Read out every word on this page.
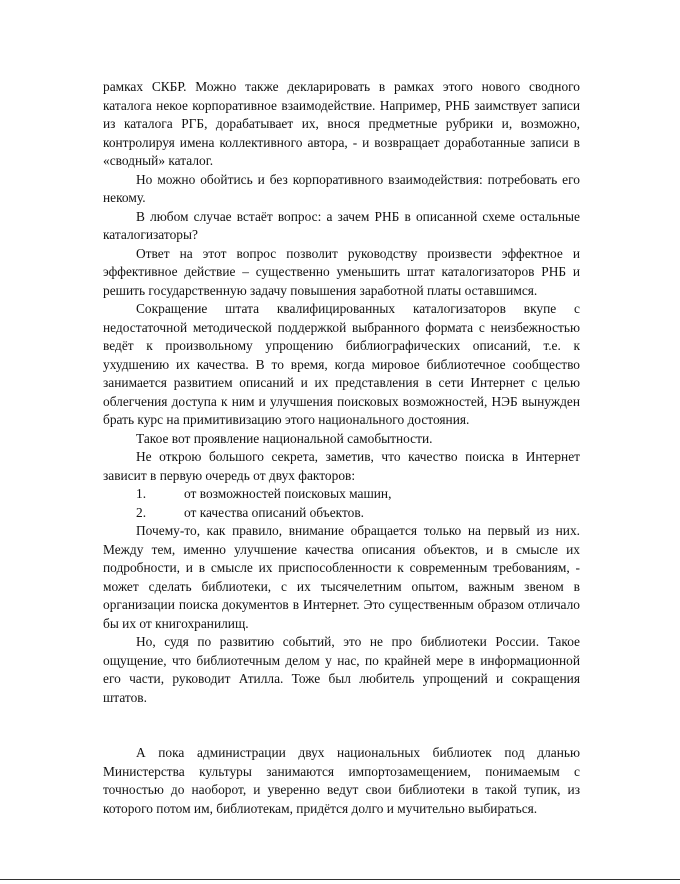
рамках СКБР. Можно также декларировать в рамках этого нового сводного каталога некое корпоративное взаимодействие. Например, РНБ заимствует записи из каталога РГБ, дорабатывает их, внося предметные рубрики и, возможно, контролируя имена коллективного автора, - и возвращает доработанные записи в «сводный» каталог.

Но можно обойтись и без корпоративного взаимодействия: потребовать его некому.

В любом случае встаёт вопрос: а зачем РНБ в описанной схеме остальные каталогизаторы?

Ответ на этот вопрос позволит руководству произвести эффектное и эффективное действие – существенно уменьшить штат каталогизаторов РНБ и решить государственную задачу повышения заработной платы оставшимся.

Сокращение штата квалифицированных каталогизаторов вкупе с недостаточной методической поддержкой выбранного формата с неизбежностью ведёт к произвольному упрощению библиографических описаний, т.е. к ухудшению их качества. В то время, когда мировое библиотечное сообщество занимается развитием описаний и их представления в сети Интернет с целью облегчения доступа к ним и улучшения поисковых возможностей, НЭБ вынужден брать курс на примитивизацию этого национального достояния.

Такое вот проявление национальной самобытности.

Не открою большого секрета, заметив, что качество поиска в Интернет зависит в первую очередь от двух факторов:

1.	от возможностей поисковых машин,

2.	от качества описаний объектов.

Почему-то, как правило, внимание обращается только на первый из них. Между тем, именно улучшение качества описания объектов, и в смысле их подробности, и в смысле их приспособленности к современным требованиям, - может сделать библиотеки, с их тысячелетним опытом, важным звеном в организации поиска документов в Интернет. Это существенным образом отличало бы их от книгохранилищ.

Но, судя по развитию событий, это не про библиотеки России. Такое ощущение, что библиотечным делом у нас, по крайней мере в информационной его части, руководит Атилла. Тоже был любитель упрощений и сокращения штатов.

А пока администрации двух национальных библиотек под дланью Министерства культуры занимаются импортозамещением, понимаемым с точностью до наоборот, и уверенно ведут свои библиотеки в такой тупик, из которого потом им, библиотекам, придётся долго и мучительно выбираться.
